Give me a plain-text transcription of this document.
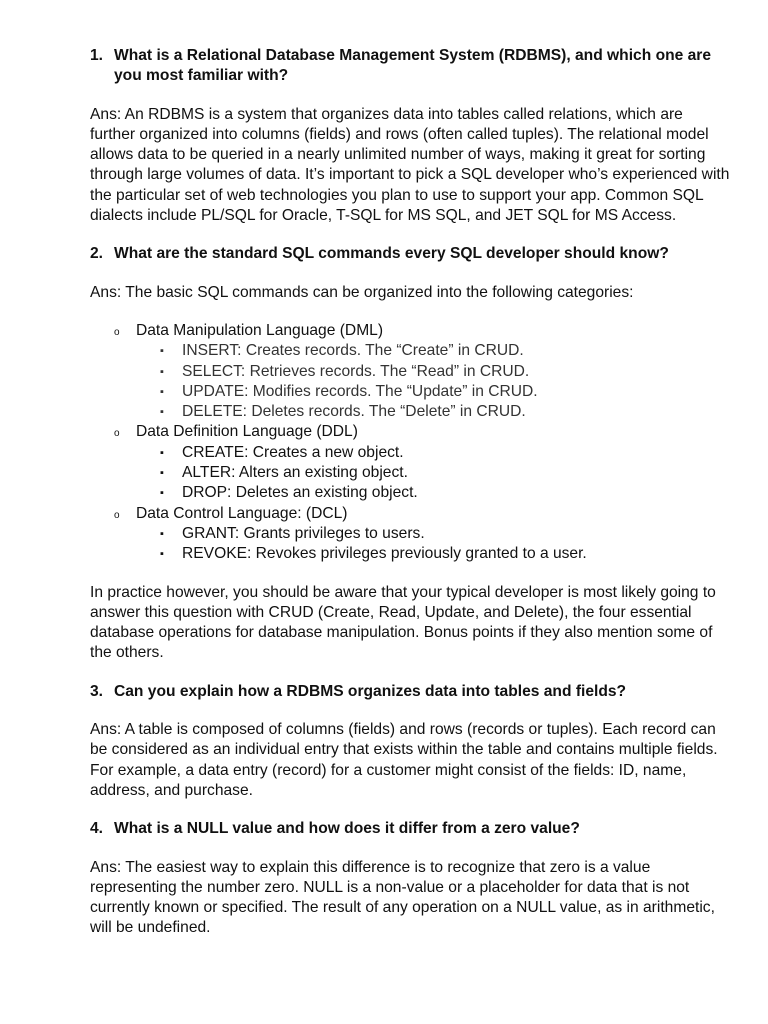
1. What is a Relational Database Management System (RDBMS), and which one are you most familiar with?

Ans: An RDBMS is a system that organizes data into tables called relations, which are further organized into columns (fields) and rows (often called tuples). The relational model allows data to be queried in a nearly unlimited number of ways, making it great for sorting through large volumes of data. It’s important to pick a SQL developer who’s experienced with the particular set of web technologies you plan to use to support your app. Common SQL dialects include PL/SQL for Oracle, T-SQL for MS SQL, and JET SQL for MS Access.

2. What are the standard SQL commands every SQL developer should know?

Ans: The basic SQL commands can be organized into the following categories:

o Data Manipulation Language (DML)
▪ INSERT: Creates records. The “Create” in CRUD.
▪ SELECT: Retrieves records. The “Read” in CRUD.
▪ UPDATE: Modifies records. The “Update” in CRUD.
▪ DELETE: Deletes records. The “Delete” in CRUD.
o Data Definition Language (DDL)
▪ CREATE: Creates a new object.
▪ ALTER: Alters an existing object.
▪ DROP: Deletes an existing object.
o Data Control Language: (DCL)
▪ GRANT: Grants privileges to users.
▪ REVOKE: Revokes privileges previously granted to a user.

In practice however, you should be aware that your typical developer is most likely going to answer this question with CRUD (Create, Read, Update, and Delete), the four essential database operations for database manipulation. Bonus points if they also mention some of the others.

3. Can you explain how a RDBMS organizes data into tables and fields?

Ans: A table is composed of columns (fields) and rows (records or tuples). Each record can be considered as an individual entry that exists within the table and contains multiple fields. For example, a data entry (record) for a customer might consist of the fields: ID, name, address, and purchase.

4. What is a NULL value and how does it differ from a zero value?

Ans: The easiest way to explain this difference is to recognize that zero is a value representing the number zero. NULL is a non-value or a placeholder for data that is not currently known or specified. The result of any operation on a NULL value, as in arithmetic, will be undefined.
